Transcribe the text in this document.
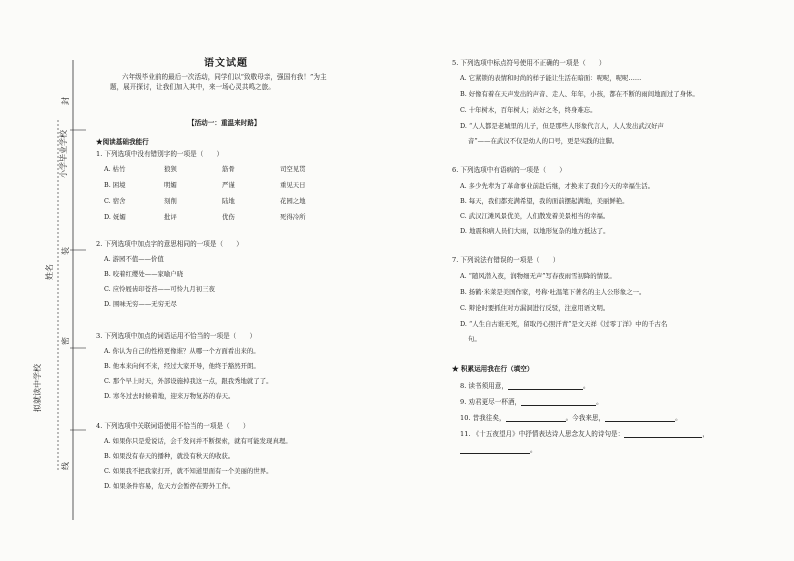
小学毕业学校
姓名
封
装
密
线
拟就读中学校
语文试题
六年级毕业前的最后一次活动，同学们以“致敬母亲，强国有我！”为主
题，展开探讨，让我们加入其中，来一场心灵共鸣之旅。
【活动一：重温来时路】
★阅读基础我能行
1. 下列选项中没有错别字的一项是（　　）
A. 枯竹	狼狈	筋骨	司空见贯
B. 困境	明媚	严谨	重见天日
C. 宿舍	刻削	陆地	花园之地
D. 妩媚	批评	优伤	死得冷所
2. 下列选项中加点字的意思相同的一项是（　　）
A. 游园不值——价值
B. 咬着红缨处——家喻户晓
C. 应怜屐齿印苍苔——可怜九月初三夜
D. 围味无穷——无穷无尽
3. 下列选项中加点的词语运用不恰当的一项是（　　）
A. 你认为自己的性格更像谁？从哪一个方面看出来的。
B. 他本来向何不来，经过大家开导，他终于豁然开朗。
C. 那个早上时天，外部设施掉我这一点，跟我秀地就了了。
D. 寒冬过去时候着地，迎来万物复苏的春天。
4. 下列选项中关联词语使用不恰当的一项是（　　）
A. 如果你只是爱说话，会千发问并不断探索，就有可能发现真理。
B. 如果没有春天的播种，就没有秋天的收获。
C. 如果我不把我家打开，就不知道里面有一个美丽的世界。
D. 如果条件容易，危天方会暂停在野外工作。
5. 下列选项中标点符号使用不正确的一项是（　　）
A. 它紧锁的表情和时尚的样子能让生活在暗面：呢呢，呢呢……
B. 好像有着在天声发出的声音、走人、年年，小孩，都在不断的雨间地面过了身体。
C. 十年树木，百年树人；站好之冬，终身难忘。
D. “人人都是老城里的儿子，但是那些人形象代言人，人人发出武汉好声
音”——在武汉不仅是幼人的口号，更是实践的注脚。
6. 下列选项中有语病的一项是（　　）
A. 多少先辈为了革命事业前赴后继，才换来了我们今天的幸福生活。
B. 每天，我们都充满希望，我的面前摆起满地，美丽鲜艳。
C. 武汉江滩风景优美，人们散发着美景相当的幸福。
D. 地震和病人员们大雨，以地形复杂的地方抵达了。
7. 下列说法有错误的一项是（　　）
A. “随风潜入夜，润物细无声”写春夜雨雪初降的情景。
B. 扬鹤·米莱是美国作家，号称·吐温笔下著名的主人公形象之一。
C. 辩论时要抓住对方漏洞进行反驳，注意用语文明。
D. “人生自古谁无死，留取丹心照汗青”是文天祥《过零丁洋》中的千古名
句。
★ 积累运用我在行（填空）
8. 读书须用意，	。
9. 劝君更尽一杯酒，	。
10. 昔我往矣，	。今我来思，	。
11. 《十五夜望月》中抒情表达诗人思念友人的诗句是：	，
。
